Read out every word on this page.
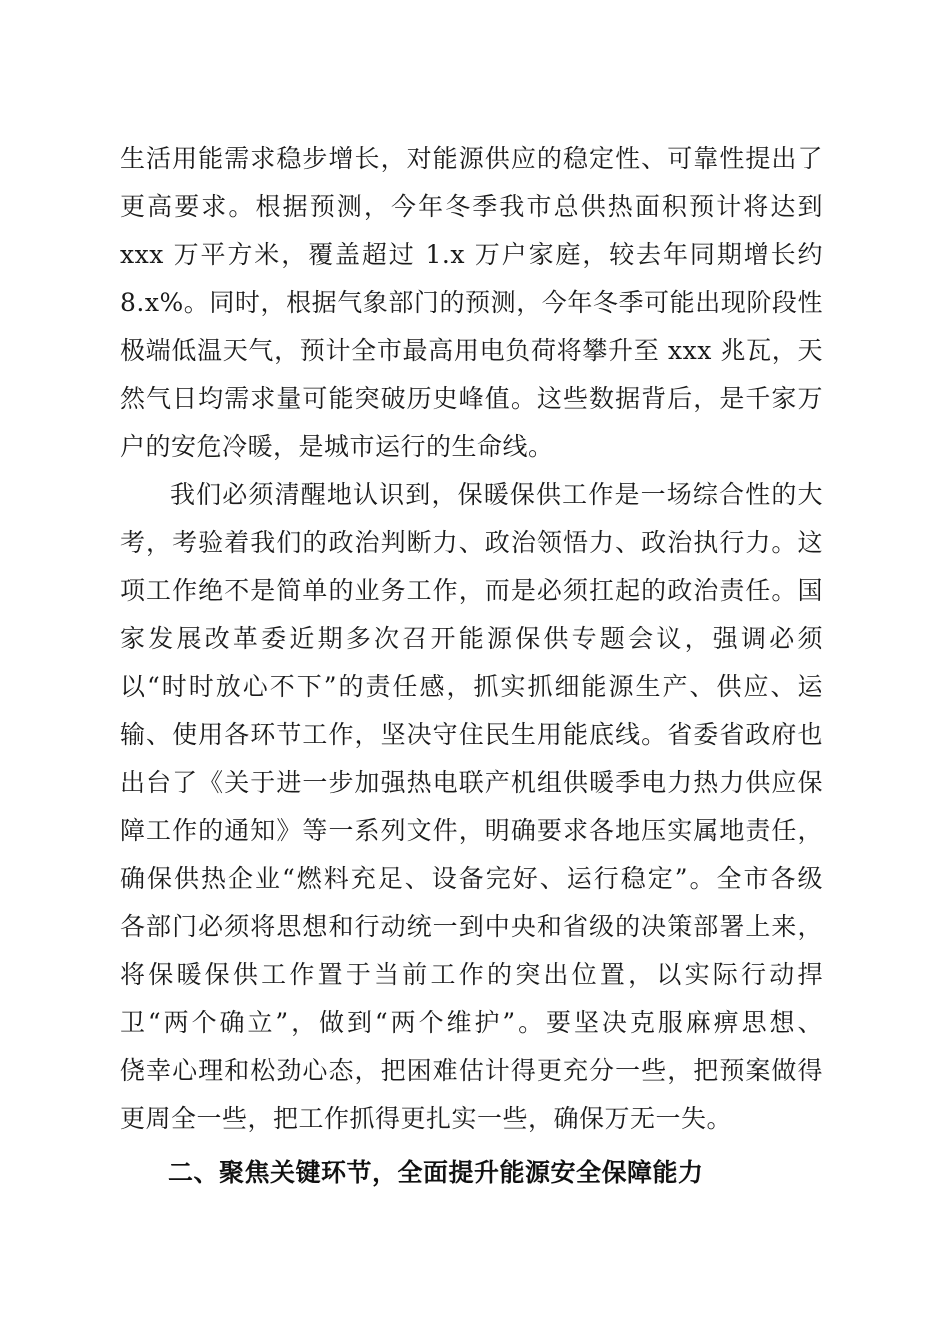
生活用能需求稳步增长，对能源供应的稳定性、可靠性提出了
更高要求。根据预测，今年冬季我市总供热面积预计将达到
xxx 万平方米，覆盖超过 1.x 万户家庭，较去年同期增长约
8.x%。同时，根据气象部门的预测，今年冬季可能出现阶段性
极端低温天气，预计全市最高用电负荷将攀升至 xxx 兆瓦，天
然气日均需求量可能突破历史峰值。这些数据背后，是千家万
户的安危冷暖，是城市运行的生命线。
我们必须清醒地认识到，保暖保供工作是一场综合性的大
考，考验着我们的政治判断力、政治领悟力、政治执行力。这
项工作绝不是简单的业务工作，而是必须扛起的政治责任。国
家发展改革委近期多次召开能源保供专题会议，强调必须
以“时时放心不下”的责任感，抓实抓细能源生产、供应、运
输、使用各环节工作，坚决守住民生用能底线。省委省政府也
出台了《关于进一步加强热电联产机组供暖季电力热力供应保
障工作的通知》等一系列文件，明确要求各地压实属地责任，
确保供热企业“燃料充足、设备完好、运行稳定”。全市各级
各部门必须将思想和行动统一到中央和省级的决策部署上来，
将保暖保供工作置于当前工作的突出位置，以实际行动捍
卫“两个确立”，做到“两个维护”。要坚决克服麻痹思想、
侥幸心理和松劲心态，把困难估计得更充分一些，把预案做得
更周全一些，把工作抓得更扎实一些，确保万无一失。
二、聚焦关键环节，全面提升能源安全保障能力
